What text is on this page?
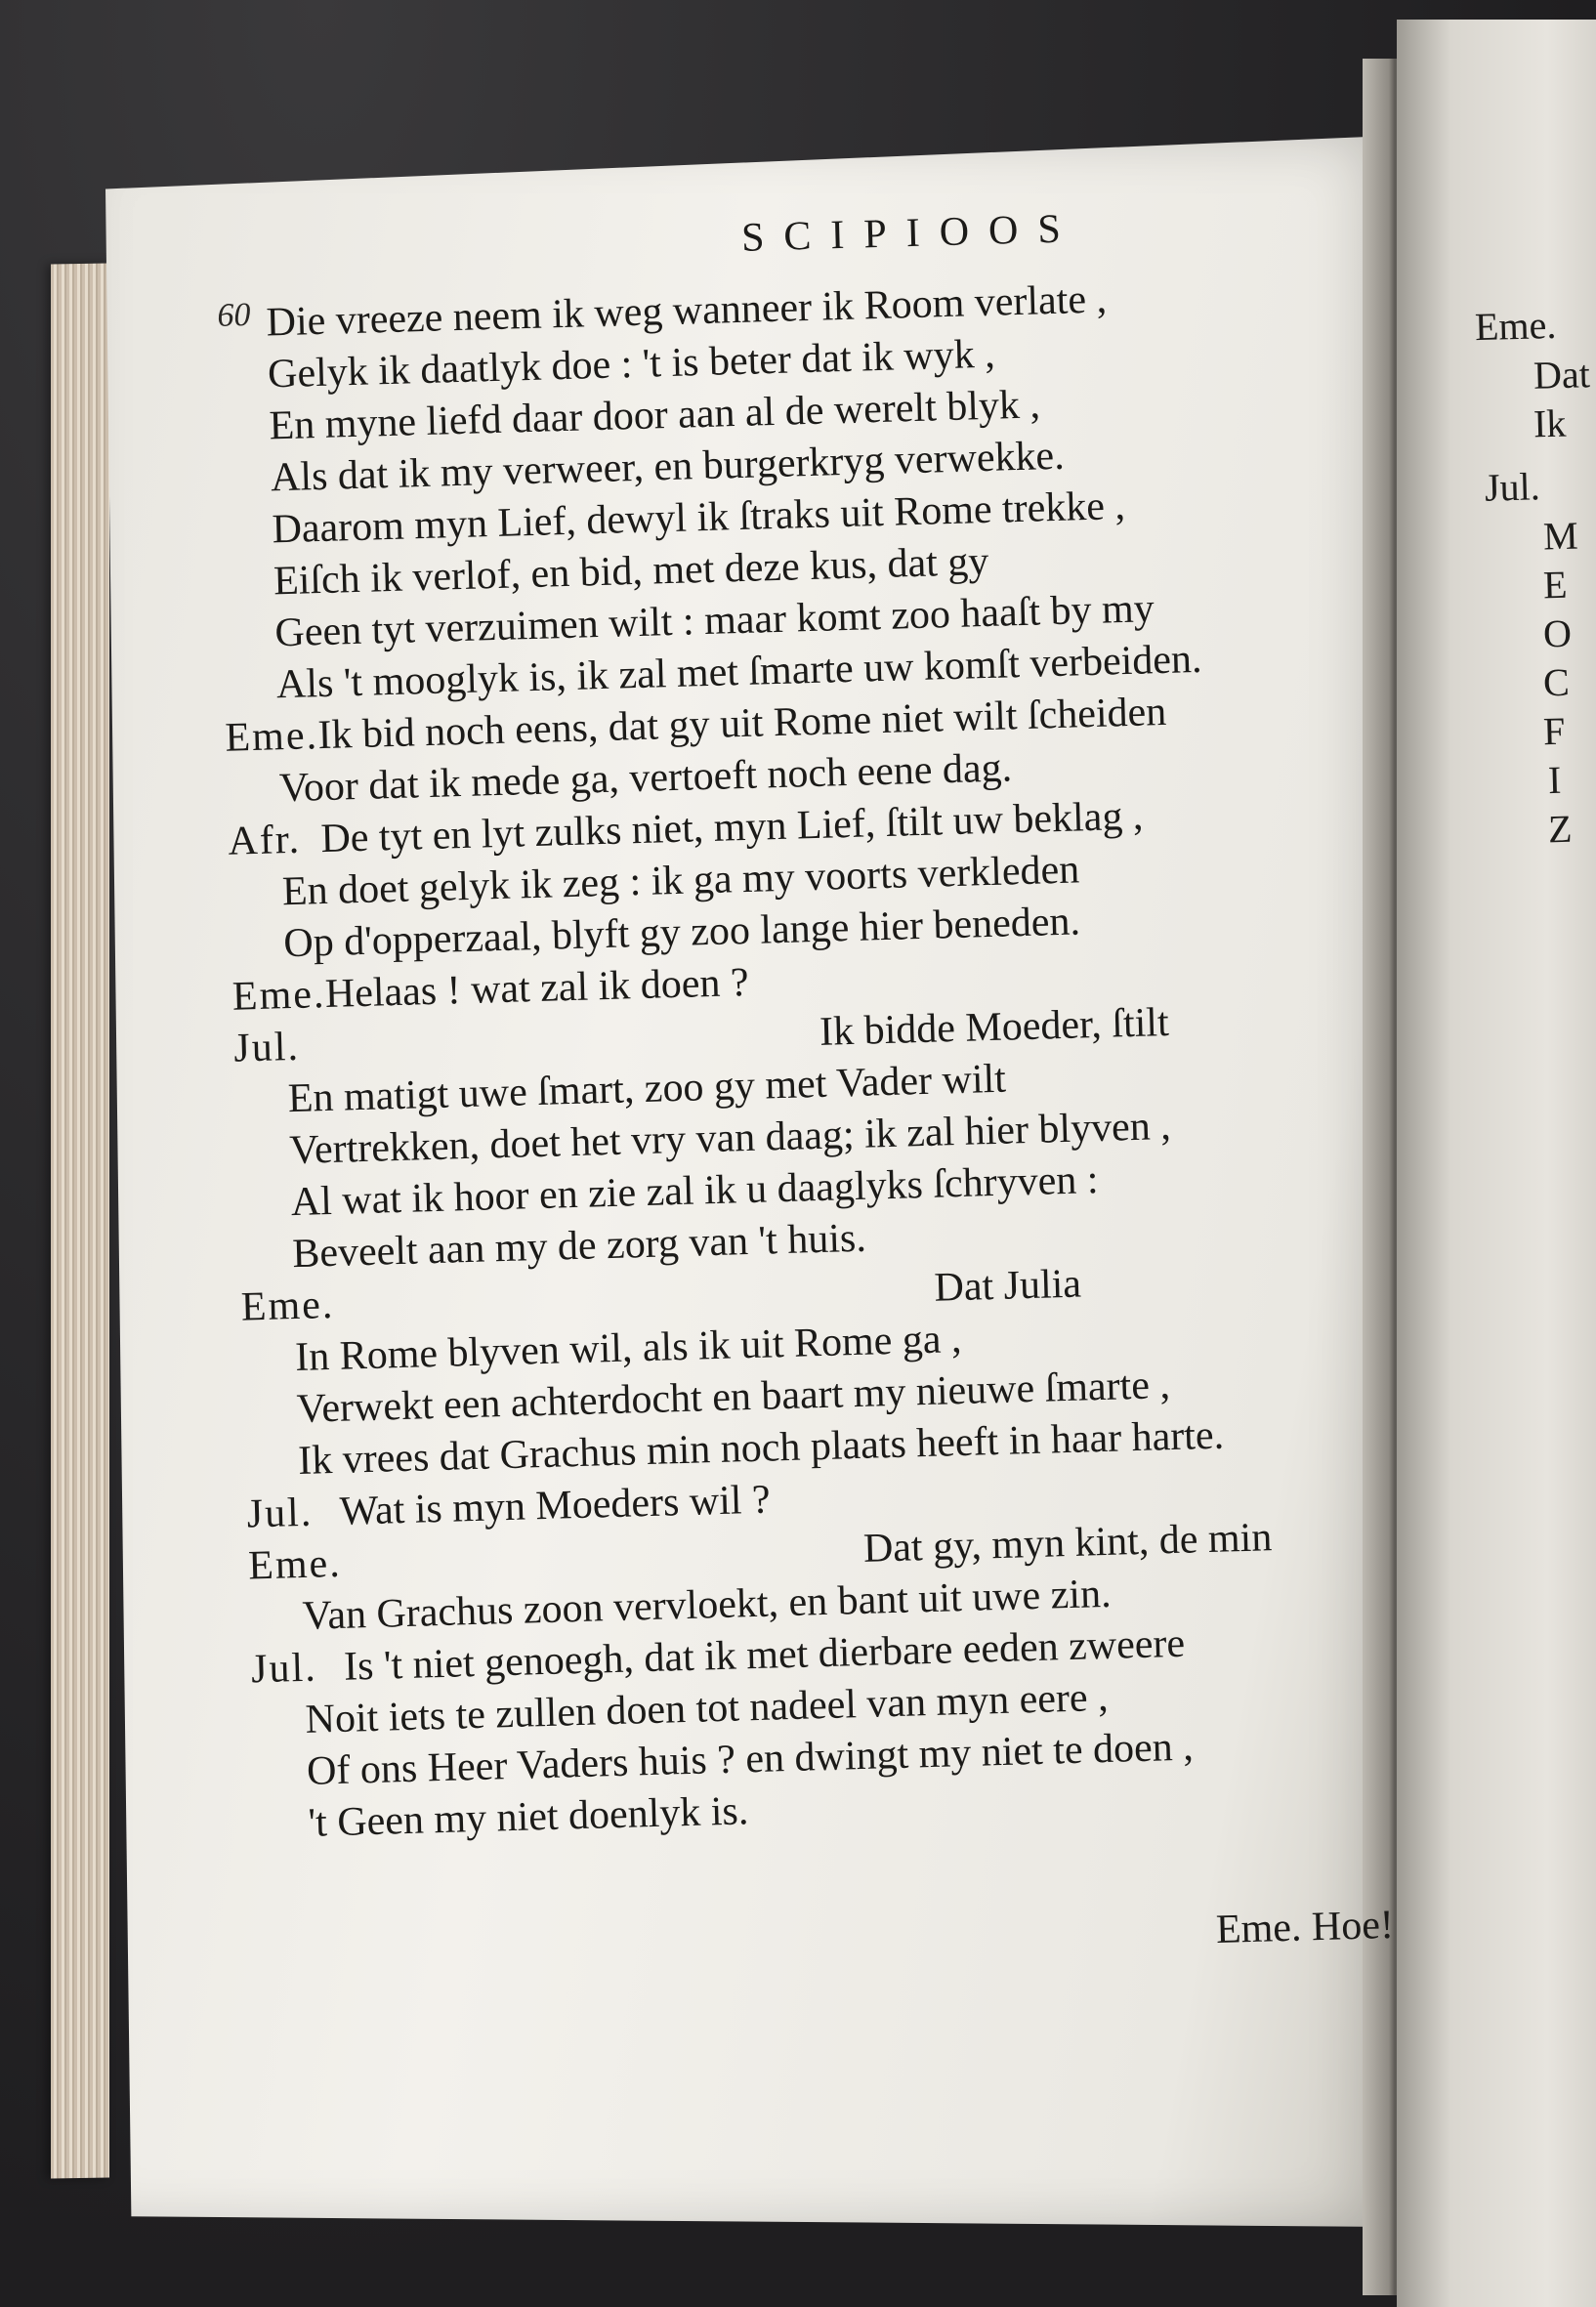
Eme.
Dat
Ik
Jul.
M
E
O
C
F
I
Z
SCIPIOOS
60 Die vreeze neem ik weg wanneer ik Room verlate ,
Gelyk ik daatlyk doe : 't is beter dat ik wyk ,
En myne liefd daar door aan al de werelt blyk ,
Als dat ik my verweer, en burgerkryg verwekke.
Daarom myn Lief, dewyl ik ſtraks uit Rome trekke ,
Eiſch ik verlof, en bid, met deze kus, dat gy
Geen tyt verzuimen wilt : maar komt zoo haaſt by my
Als 't mooglyk is, ik zal met ſmarte uw komſt verbeiden.
Eme.Ik bid noch eens, dat gy uit Rome niet wilt ſcheiden
Voor dat ik mede ga, vertoeft noch eene dag.
Afr. De tyt en lyt zulks niet, myn Lief, ſtilt uw beklag ,
En doet gelyk ik zeg : ik ga my voorts verkleden
Op d'opperzaal, blyft gy zoo lange hier beneden.
Eme.Helaas ! wat zal ik doen ?
Jul.	Ik bidde Moeder, ſtilt
En matigt uwe ſmart, zoo gy met Vader wilt
Vertrekken, doet het vry van daag; ik zal hier blyven ,
Al wat ik hoor en zie zal ik u daaglyks ſchryven :
Beveelt aan my de zorg van 't huis.
Eme.	Dat Julia
In Rome blyven wil, als ik uit Rome ga ,
Verwekt een achterdocht en baart my nieuwe ſmarte ,
Ik vrees dat Grachus min noch plaats heeft in haar harte.
Jul. Wat is myn Moeders wil ?
Eme.	Dat gy, myn kint, de min
Van Grachus zoon vervloekt, en bant uit uwe zin.
Jul. Is 't niet genoegh, dat ik met dierbare eeden zweere
Noit iets te zullen doen tot nadeel van myn eere ,
Of ons Heer Vaders huis ? en dwingt my niet te doen ,
't Geen my niet doenlyk is.
Eme. Hoe!
